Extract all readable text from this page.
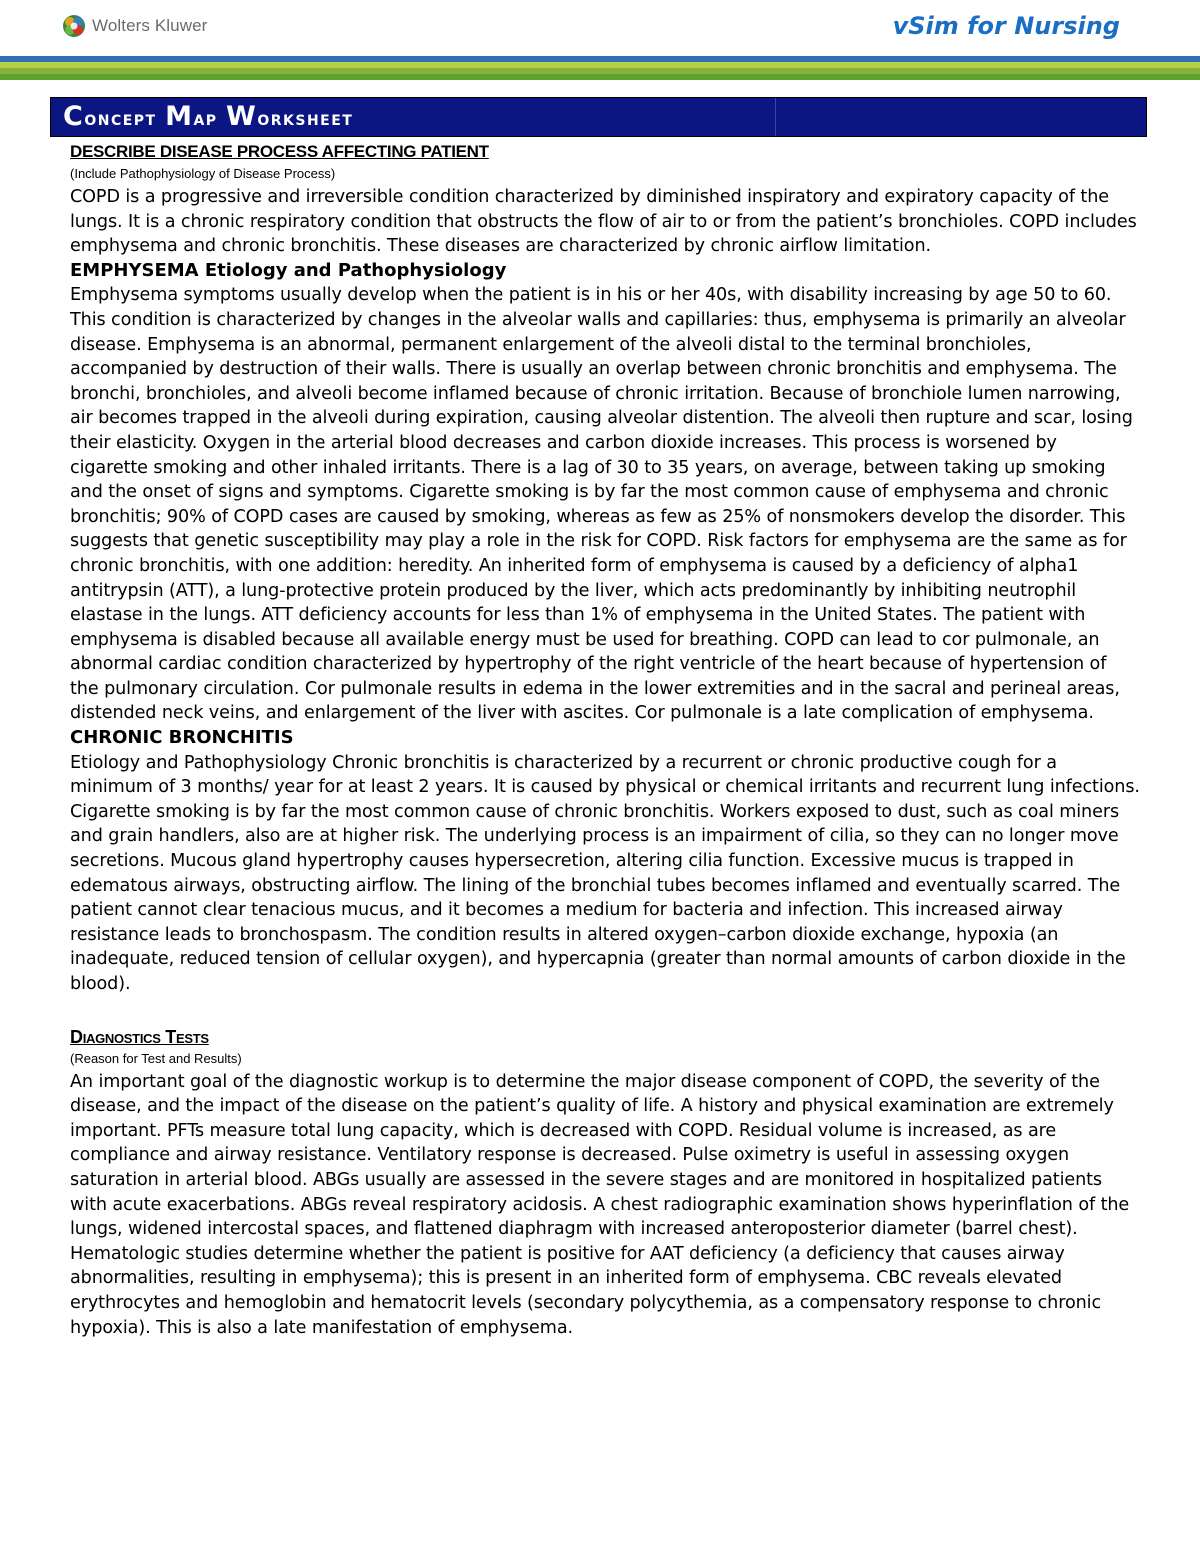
Wolters Kluwer	vSim for Nursing
Concept Map Worksheet
DESCRIBE DISEASE PROCESS AFFECTING PATIENT
(Include Pathophysiology of Disease Process)

COPD is a progressive and irreversible condition characterized by diminished inspiratory and expiratory capacity of the lungs. It is a chronic respiratory condition that obstructs the flow of air to or from the patient’s bronchioles. COPD includes emphysema and chronic bronchitis. These diseases are characterized by chronic airflow limitation.

EMPHYSEMA Etiology and Pathophysiology

Emphysema symptoms usually develop when the patient is in his or her 40s, with disability increasing by age 50 to 60. This condition is characterized by changes in the alveolar walls and capillaries: thus, emphysema is primarily an alveolar disease. Emphysema is an abnormal, permanent enlargement of the alveoli distal to the terminal bronchioles, accompanied by destruction of their walls. There is usually an overlap between chronic bronchitis and emphysema. The bronchi, bronchioles, and alveoli become inflamed because of chronic irritation. Because of bronchiole lumen narrowing, air becomes trapped in the alveoli during expiration, causing alveolar distention. The alveoli then rupture and scar, losing their elasticity. Oxygen in the arterial blood decreases and carbon dioxide increases. This process is worsened by cigarette smoking and other inhaled irritants. There is a lag of 30 to 35 years, on average, between taking up smoking and the onset of signs and symptoms. Cigarette smoking is by far the most common cause of emphysema and chronic bronchitis; 90% of COPD cases are caused by smoking, whereas as few as 25% of nonsmokers develop the disorder. This suggests that genetic susceptibility may play a role in the risk for COPD. Risk factors for emphysema are the same as for chronic bronchitis, with one addition: heredity. An inherited form of emphysema is caused by a deficiency of alpha1 antitrypsin (ATT), a lung-protective protein produced by the liver, which acts predominantly by inhibiting neutrophil elastase in the lungs. ATT deficiency accounts for less than 1% of emphysema in the United States. The patient with emphysema is disabled because all available energy must be used for breathing. COPD can lead to cor pulmonale, an abnormal cardiac condition characterized by hypertrophy of the right ventricle of the heart because of hypertension of the pulmonary circulation. Cor pulmonale results in edema in the lower extremities and in the sacral and perineal areas, distended neck veins, and enlargement of the liver with ascites. Cor pulmonale is a late complication of emphysema.

CHRONIC BRONCHITIS

Etiology and Pathophysiology Chronic bronchitis is characterized by a recurrent or chronic productive cough for a minimum of 3 months/ year for at least 2 years. It is caused by physical or chemical irritants and recurrent lung infections. Cigarette smoking is by far the most common cause of chronic bronchitis. Workers exposed to dust, such as coal miners and grain handlers, also are at higher risk. The underlying process is an impairment of cilia, so they can no longer move secretions. Mucous gland hypertrophy causes hypersecretion, altering cilia function. Excessive mucus is trapped in edematous airways, obstructing airflow. The lining of the bronchial tubes becomes inflamed and eventually scarred. The patient cannot clear tenacious mucus, and it becomes a medium for bacteria and infection. This increased airway resistance leads to bronchospasm. The condition results in altered oxygen–carbon dioxide exchange, hypoxia (an inadequate, reduced tension of cellular oxygen), and hypercapnia (greater than normal amounts of carbon dioxide in the blood).

Diagnostics Tests
(Reason for Test and Results)

An important goal of the diagnostic workup is to determine the major disease component of COPD, the severity of the disease, and the impact of the disease on the patient’s quality of life. A history and physical examination are extremely important. PFTs measure total lung capacity, which is decreased with COPD. Residual volume is increased, as are compliance and airway resistance. Ventilatory response is decreased. Pulse oximetry is useful in assessing oxygen saturation in arterial blood. ABGs usually are assessed in the severe stages and are monitored in hospitalized patients with acute exacerbations. ABGs reveal respiratory acidosis. A chest radiographic examination shows hyperinflation of the lungs, widened intercostal spaces, and flattened diaphragm with increased anteroposterior diameter (barrel chest). Hematologic studies determine whether the patient is positive for AAT deficiency (a deficiency that causes airway abnormalities, resulting in emphysema); this is present in an inherited form of emphysema. CBC reveals elevated erythrocytes and hemoglobin and hematocrit levels (secondary polycythemia, as a compensatory response to chronic hypoxia). This is also a late manifestation of emphysema.
